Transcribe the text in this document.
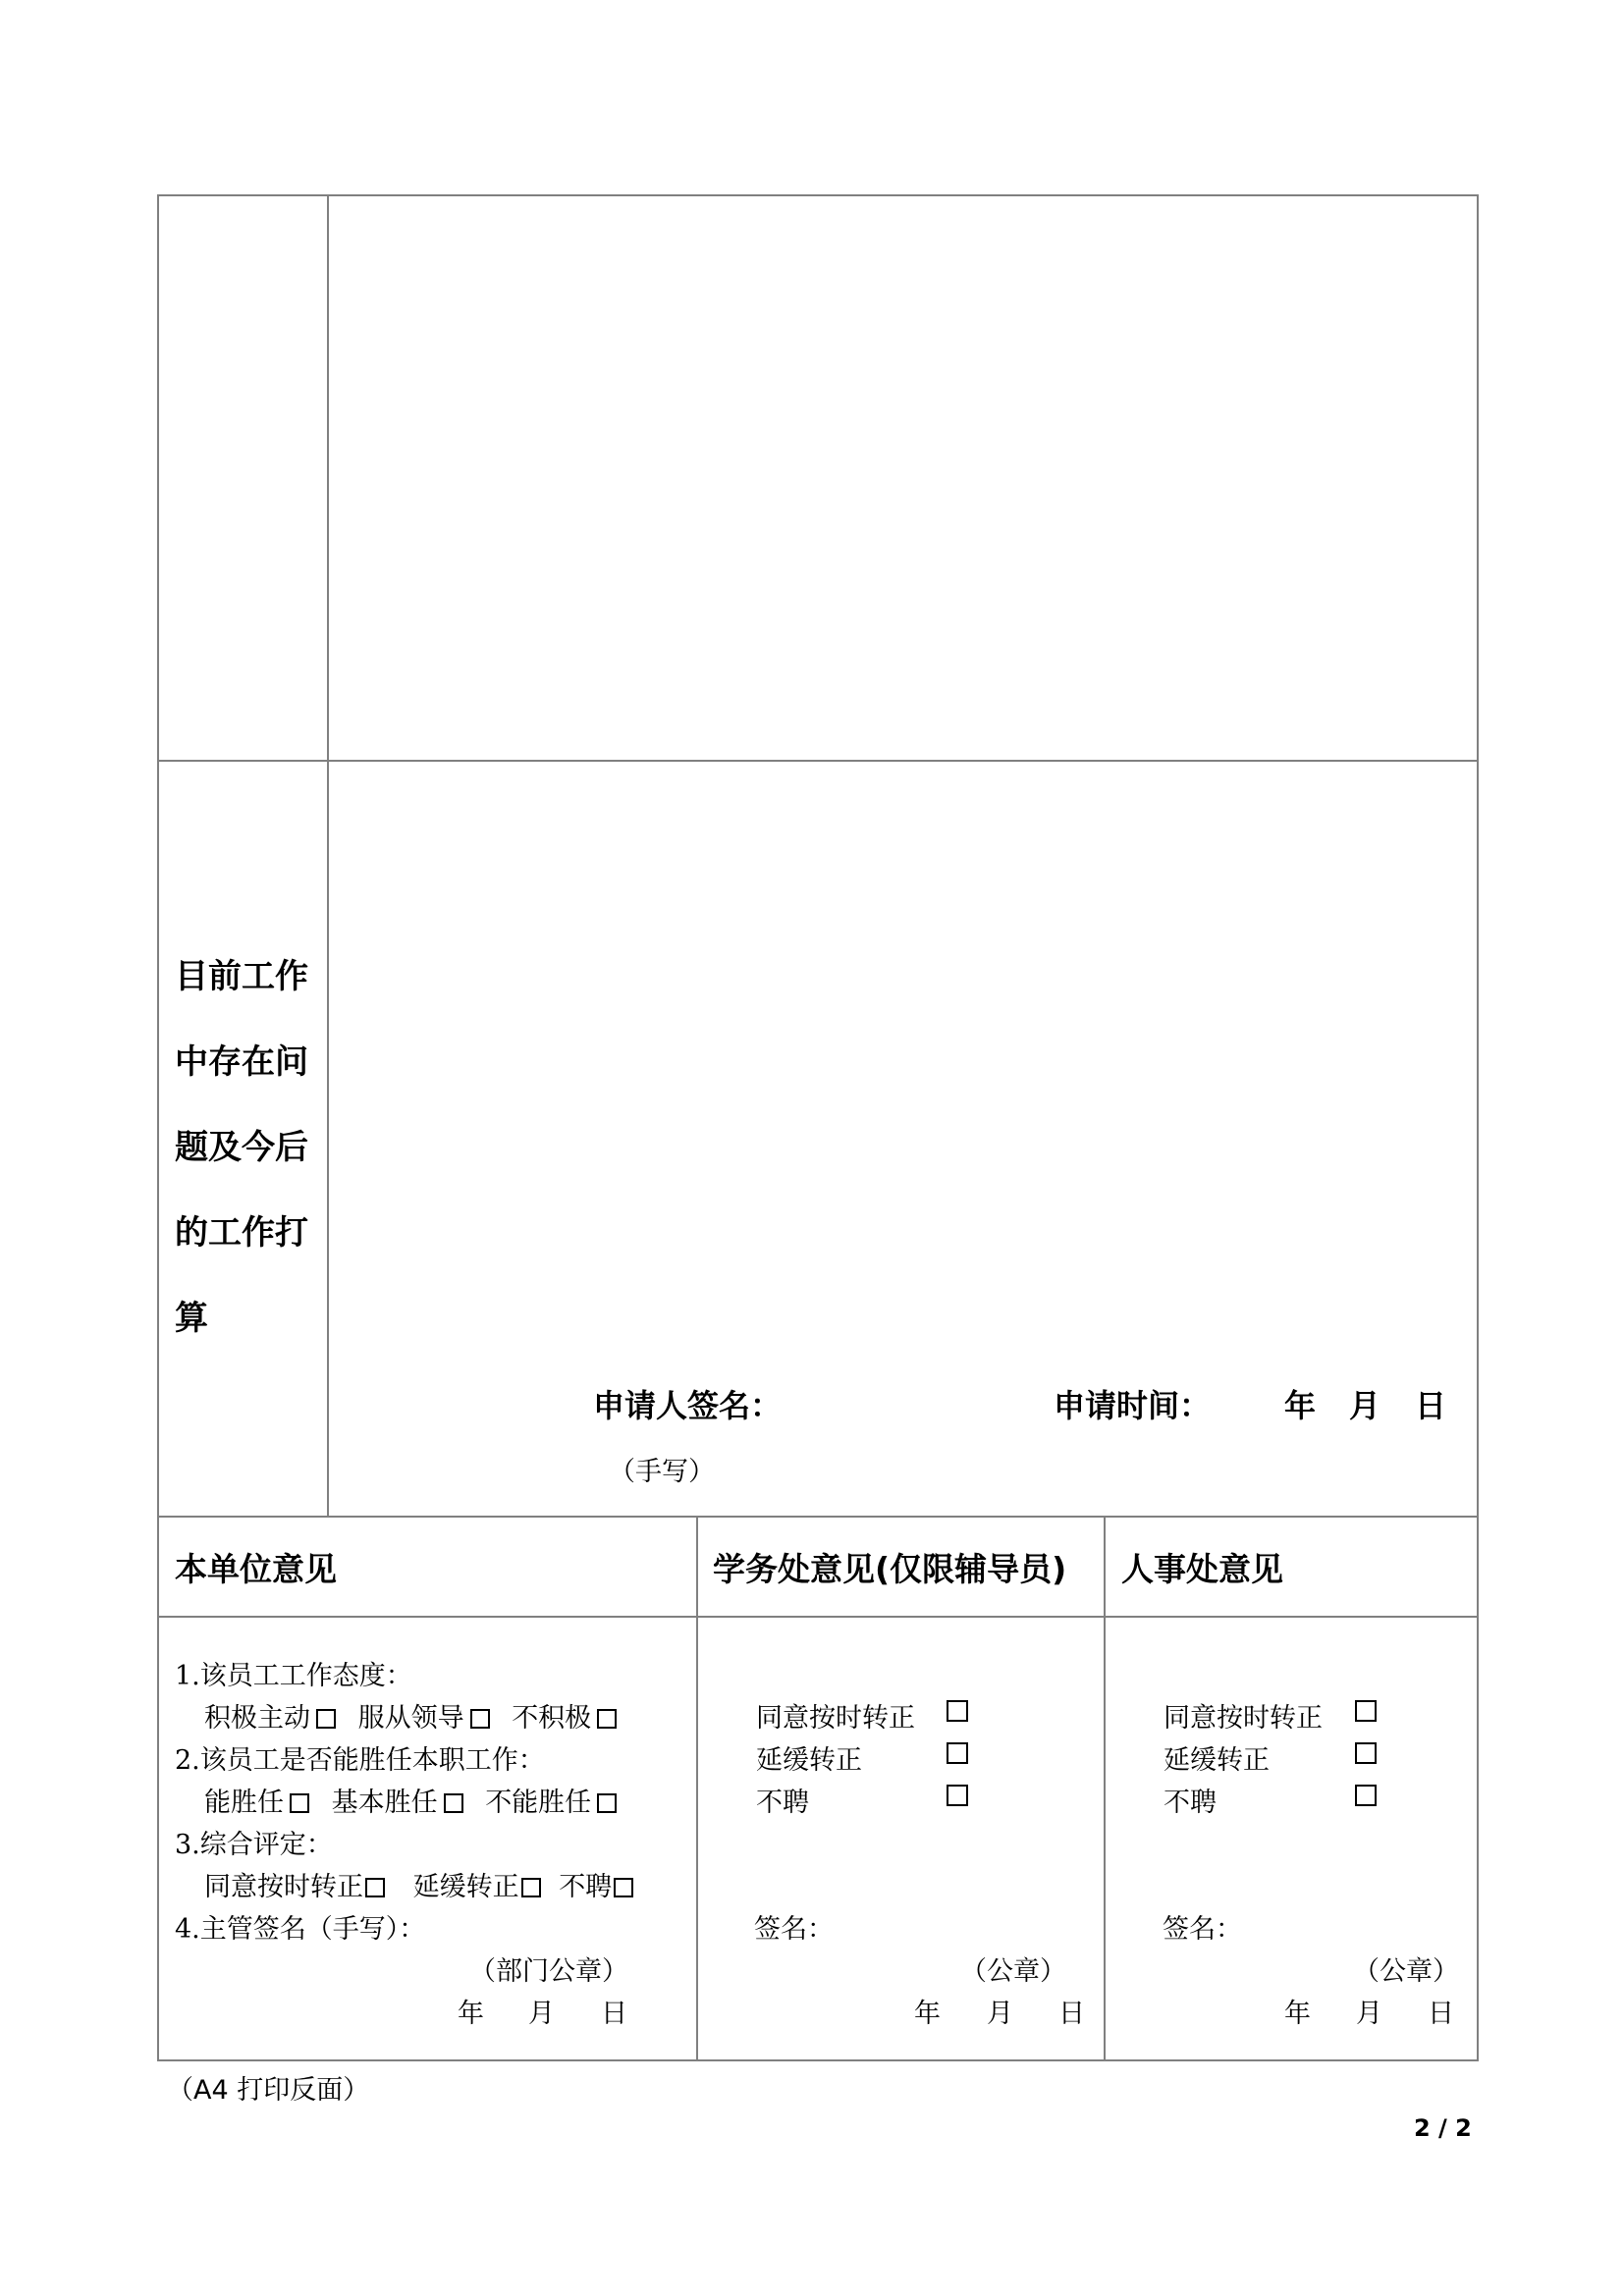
目前工作
中存在问
题及今后
的工作打
算
申请人签名：	申请时间： 年 月 日
（手写）
本单位意见	学务处意见(仅限辅导员) 人事处意见
1.该员工工作态度：
积极主动 服从领导 不积极
2.该员工是否能胜任本职工作：
能胜任 基本胜任 不能胜任
3.综合评定：
同意按时转正 延缓转正 不聘
4.主管签名（手写）：
（部门公章）
年 月 日
同意按时转正
延缓转正
不聘
签名：
（公章）
年 月 日
同意按时转正
延缓转正
不聘
签名：
（公章）
年 月 日
（A4 打印反面）
2 / 2
